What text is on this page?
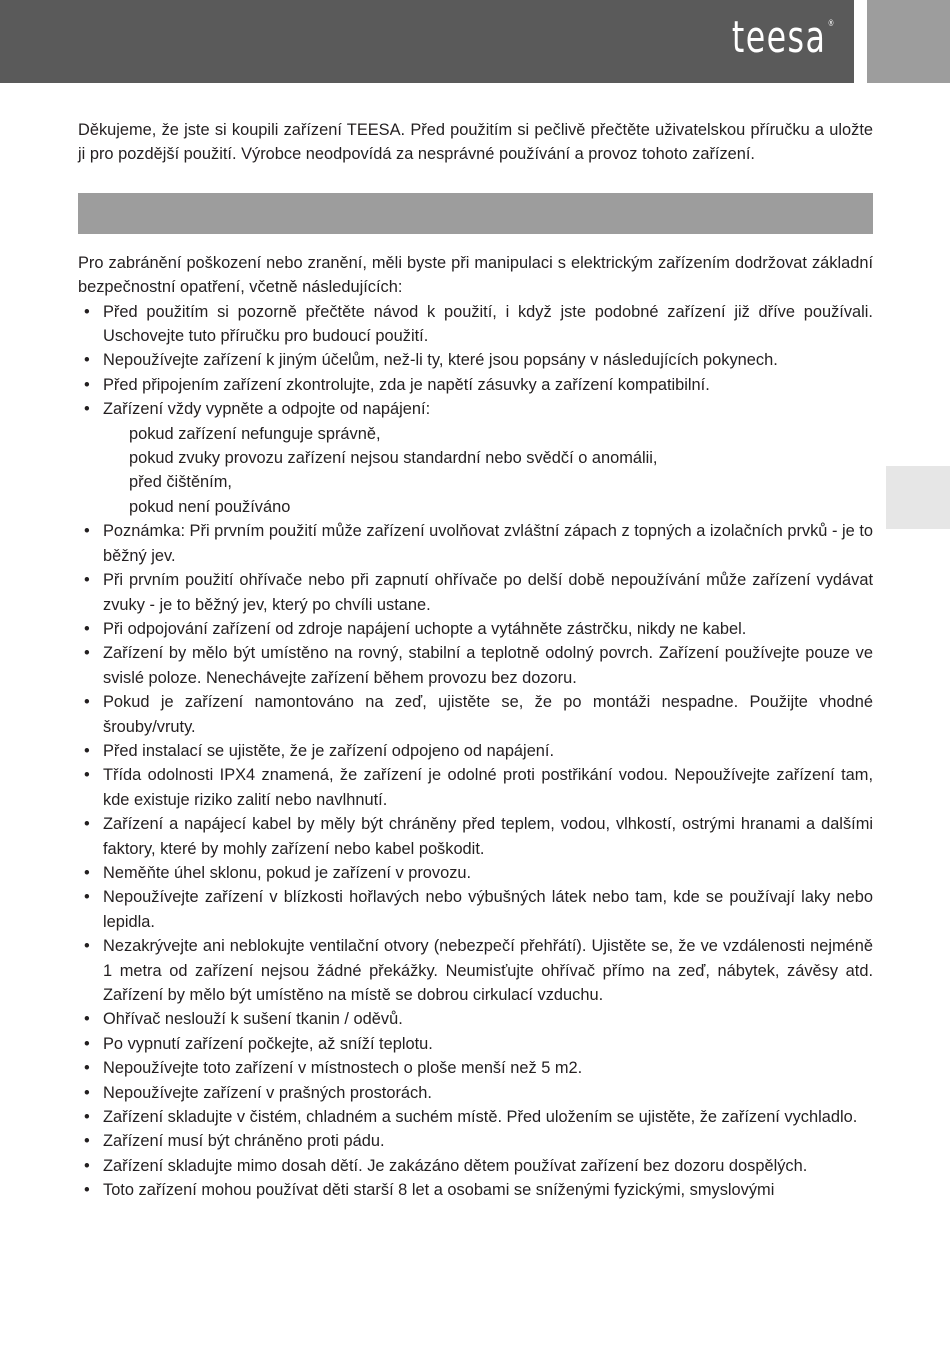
teesa®

Děkujeme, že jste si koupili zařízení TEESA. Před použitím si pečlivě přečtěte uživatelskou příručku a uložte ji pro pozdější použití. Výrobce neodpovídá za nesprávné používání a provoz tohoto zařízení.

Pro zabránění poškození nebo zranění, měli byste při manipulaci s elektrickým zařízením dodržovat základní bezpečnostní opatření, včetně následujících:

• Před použitím si pozorně přečtěte návod k použití, i když jste podobné zařízení již dříve používali. Uschovejte tuto příručku pro budoucí použití.
• Nepoužívejte zařízení k jiným účelům, než-li ty, které jsou popsány v následujících pokynech.
• Před připojením zařízení zkontrolujte, zda je napětí zásuvky a zařízení kompatibilní.
• Zařízení vždy vypněte a odpojte od napájení:
pokud zařízení nefunguje správně,
pokud zvuky provozu zařízení nejsou standardní nebo svědčí o anomálii,
před čištěním,
pokud není používáno
• Poznámka: Při prvním použití může zařízení uvolňovat zvláštní zápach z topných a izolačních prvků - je to běžný jev.
• Při prvním použití ohřívače nebo při zapnutí ohřívače po delší době nepoužívání může zařízení vydávat zvuky - je to běžný jev, který po chvíli ustane.
• Při odpojování zařízení od zdroje napájení uchopte a vytáhněte zástrčku, nikdy ne kabel.
• Zařízení by mělo být umístěno na rovný, stabilní a teplotně odolný povrch. Zařízení používejte pouze ve svislé poloze. Nenechávejte zařízení během provozu bez dozoru.
• Pokud je zařízení namontováno na zeď, ujistěte se, že po montáži nespadne. Použijte vhodné šrouby/vruty.
• Před instalací se ujistěte, že je zařízení odpojeno od napájení.
• Třída odolnosti IPX4 znamená, že zařízení je odolné proti postřikání vodou. Nepoužívejte zařízení tam, kde existuje riziko zalití nebo navlhnutí.
• Zařízení a napájecí kabel by měly být chráněny před teplem, vodou, vlhkostí, ostrými hranami a dalšími faktory, které by mohly zařízení nebo kabel poškodit.
• Neměňte úhel sklonu, pokud je zařízení v provozu.
• Nepoužívejte zařízení v blízkosti hořlavých nebo výbušných látek nebo tam, kde se používají laky nebo lepidla.
• Nezakrývejte ani neblokujte ventilační otvory (nebezpečí přehřátí). Ujistěte se, že ve vzdálenosti nejméně 1 metra od zařízení nejsou žádné překážky. Neumisťujte ohřívač přímo na zeď, nábytek, závěsy atd. Zařízení by mělo být umístěno na místě se dobrou cirkulací vzduchu.
• Ohřívač neslouží k sušení tkanin / oděvů.
• Po vypnutí zařízení počkejte, až sníží teplotu.
• Nepoužívejte toto zařízení v místnostech o ploše menší než 5 m2.
• Nepoužívejte zařízení v prašných prostorách.
• Zařízení skladujte v čistém, chladném a suchém místě. Před uložením se ujistěte, že zařízení vychladlo.
• Zařízení musí být chráněno proti pádu.
• Zařízení skladujte mimo dosah dětí. Je zakázáno dětem používat zařízení bez dozoru dospělých.
• Toto zařízení mohou používat děti starší 8 let a osobami se sníženými fyzickými, smyslovými
